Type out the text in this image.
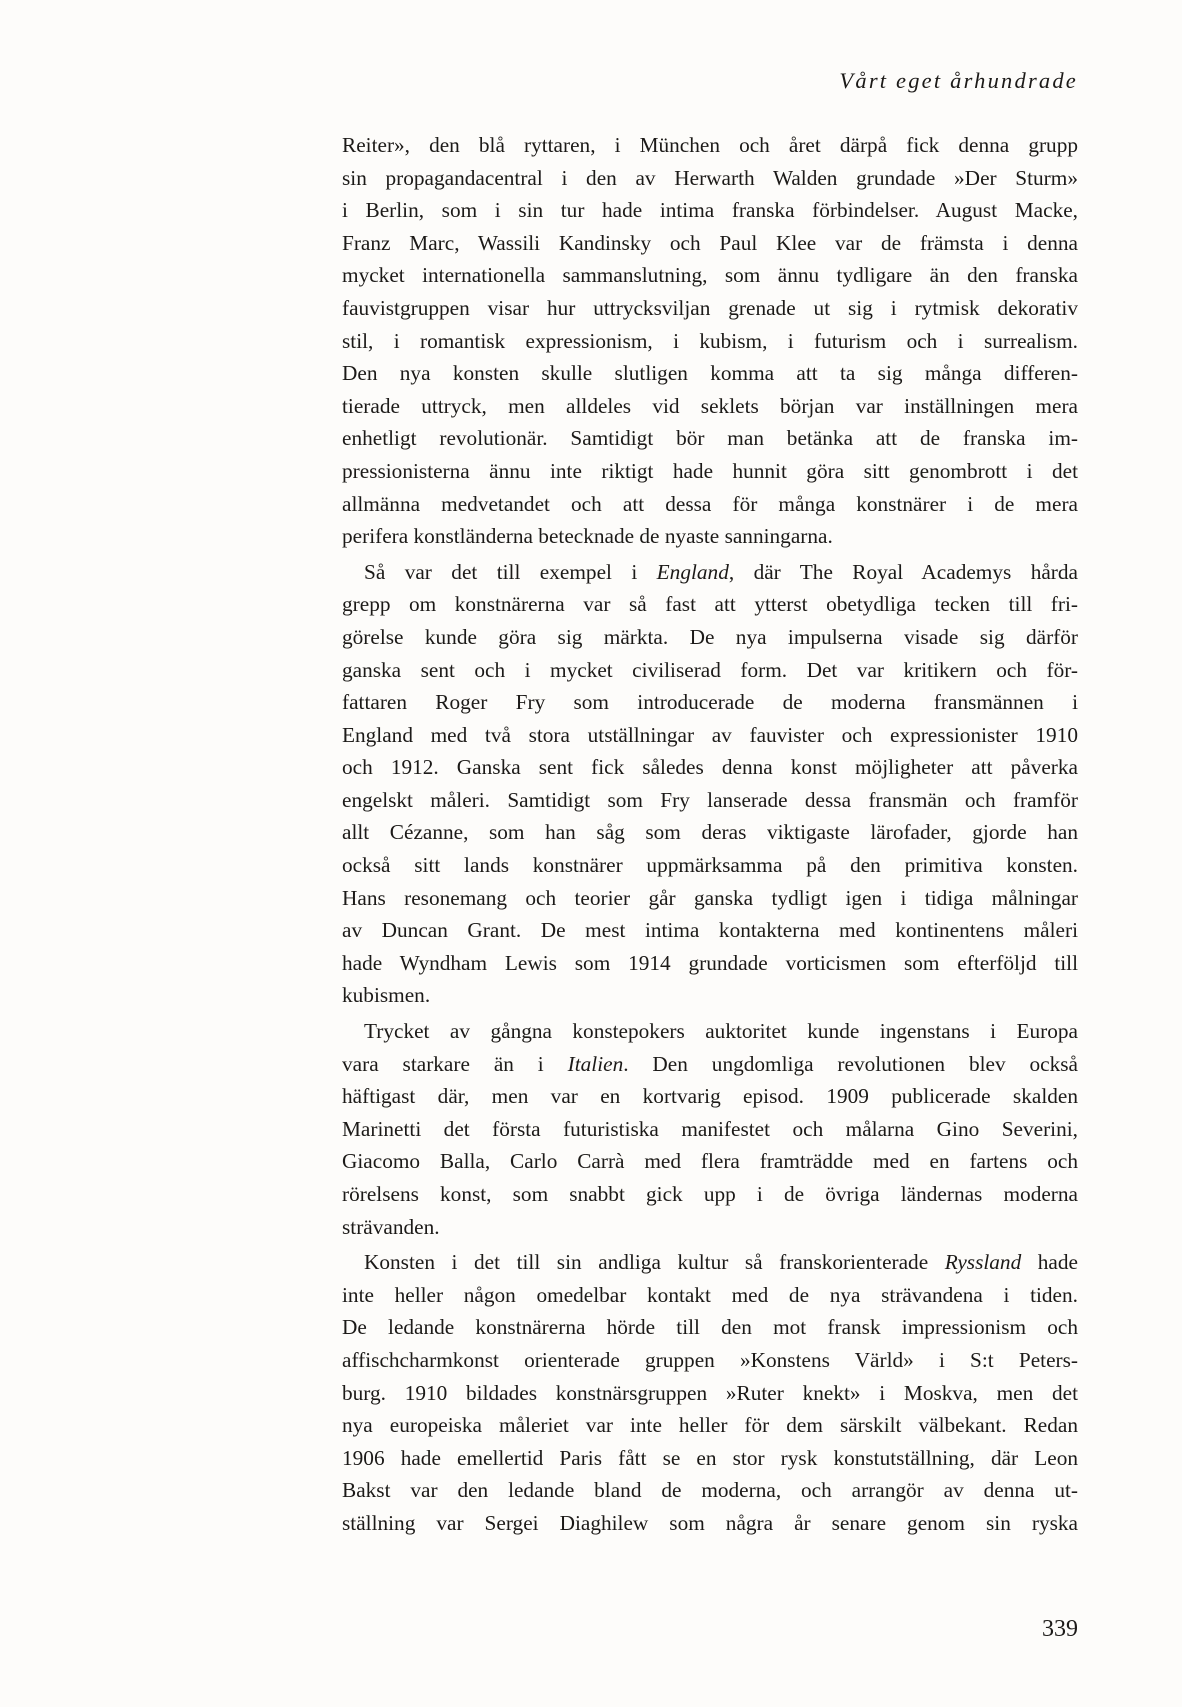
Vårt eget århundrade
Reiter», den blå ryttaren, i München och året därpå fick denna grupp
sin propagandacentral i den av Herwarth Walden grundade »Der Sturm»
i Berlin, som i sin tur hade intima franska förbindelser. August Macke,
Franz Marc, Wassili Kandinsky och Paul Klee var de främsta i denna
mycket internationella sammanslutning, som ännu tydligare än den franska
fauvistgruppen visar hur uttrycksviljan grenade ut sig i rytmisk dekorativ
stil, i romantisk expressionism, i kubism, i futurism och i surrealism.
Den nya konsten skulle slutligen komma att ta sig många differen-
tierade uttryck, men alldeles vid seklets början var inställningen mera
enhetligt revolutionär. Samtidigt bör man betänka att de franska im-
pressionisterna ännu inte riktigt hade hunnit göra sitt genombrott i det
allmänna medvetandet och att dessa för många konstnärer i de mera
perifera konstländerna betecknade de nyaste sanningarna.
Så var det till exempel i England, där The Royal Academys hårda
grepp om konstnärerna var så fast att ytterst obetydliga tecken till fri-
görelse kunde göra sig märkta. De nya impulserna visade sig därför
ganska sent och i mycket civiliserad form. Det var kritikern och för-
fattaren Roger Fry som introducerade de moderna fransmännen i
England med två stora utställningar av fauvister och expressionister 1910
och 1912. Ganska sent fick således denna konst möjligheter att påverka
engelskt måleri. Samtidigt som Fry lanserade dessa fransmän och framför
allt Cézanne, som han såg som deras viktigaste lärofader, gjorde han
också sitt lands konstnärer uppmärksamma på den primitiva konsten.
Hans resonemang och teorier går ganska tydligt igen i tidiga målningar
av Duncan Grant. De mest intima kontakterna med kontinentens måleri
hade Wyndham Lewis som 1914 grundade vorticismen som efterföljd till
kubismen.
Trycket av gångna konstepokers auktoritet kunde ingenstans i Europa
vara starkare än i Italien. Den ungdomliga revolutionen blev också
häftigast där, men var en kortvarig episod. 1909 publicerade skalden
Marinetti det första futuristiska manifestet och målarna Gino Severini,
Giacomo Balla, Carlo Carrà med flera framträdde med en fartens och
rörelsens konst, som snabbt gick upp i de övriga ländernas moderna
strävanden.
Konsten i det till sin andliga kultur så franskorienterade Ryssland hade
inte heller någon omedelbar kontakt med de nya strävandena i tiden.
De ledande konstnärerna hörde till den mot fransk impressionism och
affischcharmkonst orienterade gruppen »Konstens Värld» i S:t Peters-
burg. 1910 bildades konstnärsgruppen »Ruter knekt» i Moskva, men det
nya europeiska måleriet var inte heller för dem särskilt välbekant. Redan
1906 hade emellertid Paris fått se en stor rysk konstutställning, där Leon
Bakst var den ledande bland de moderna, och arrangör av denna ut-
ställning var Sergei Diaghilew som några år senare genom sin ryska
339
